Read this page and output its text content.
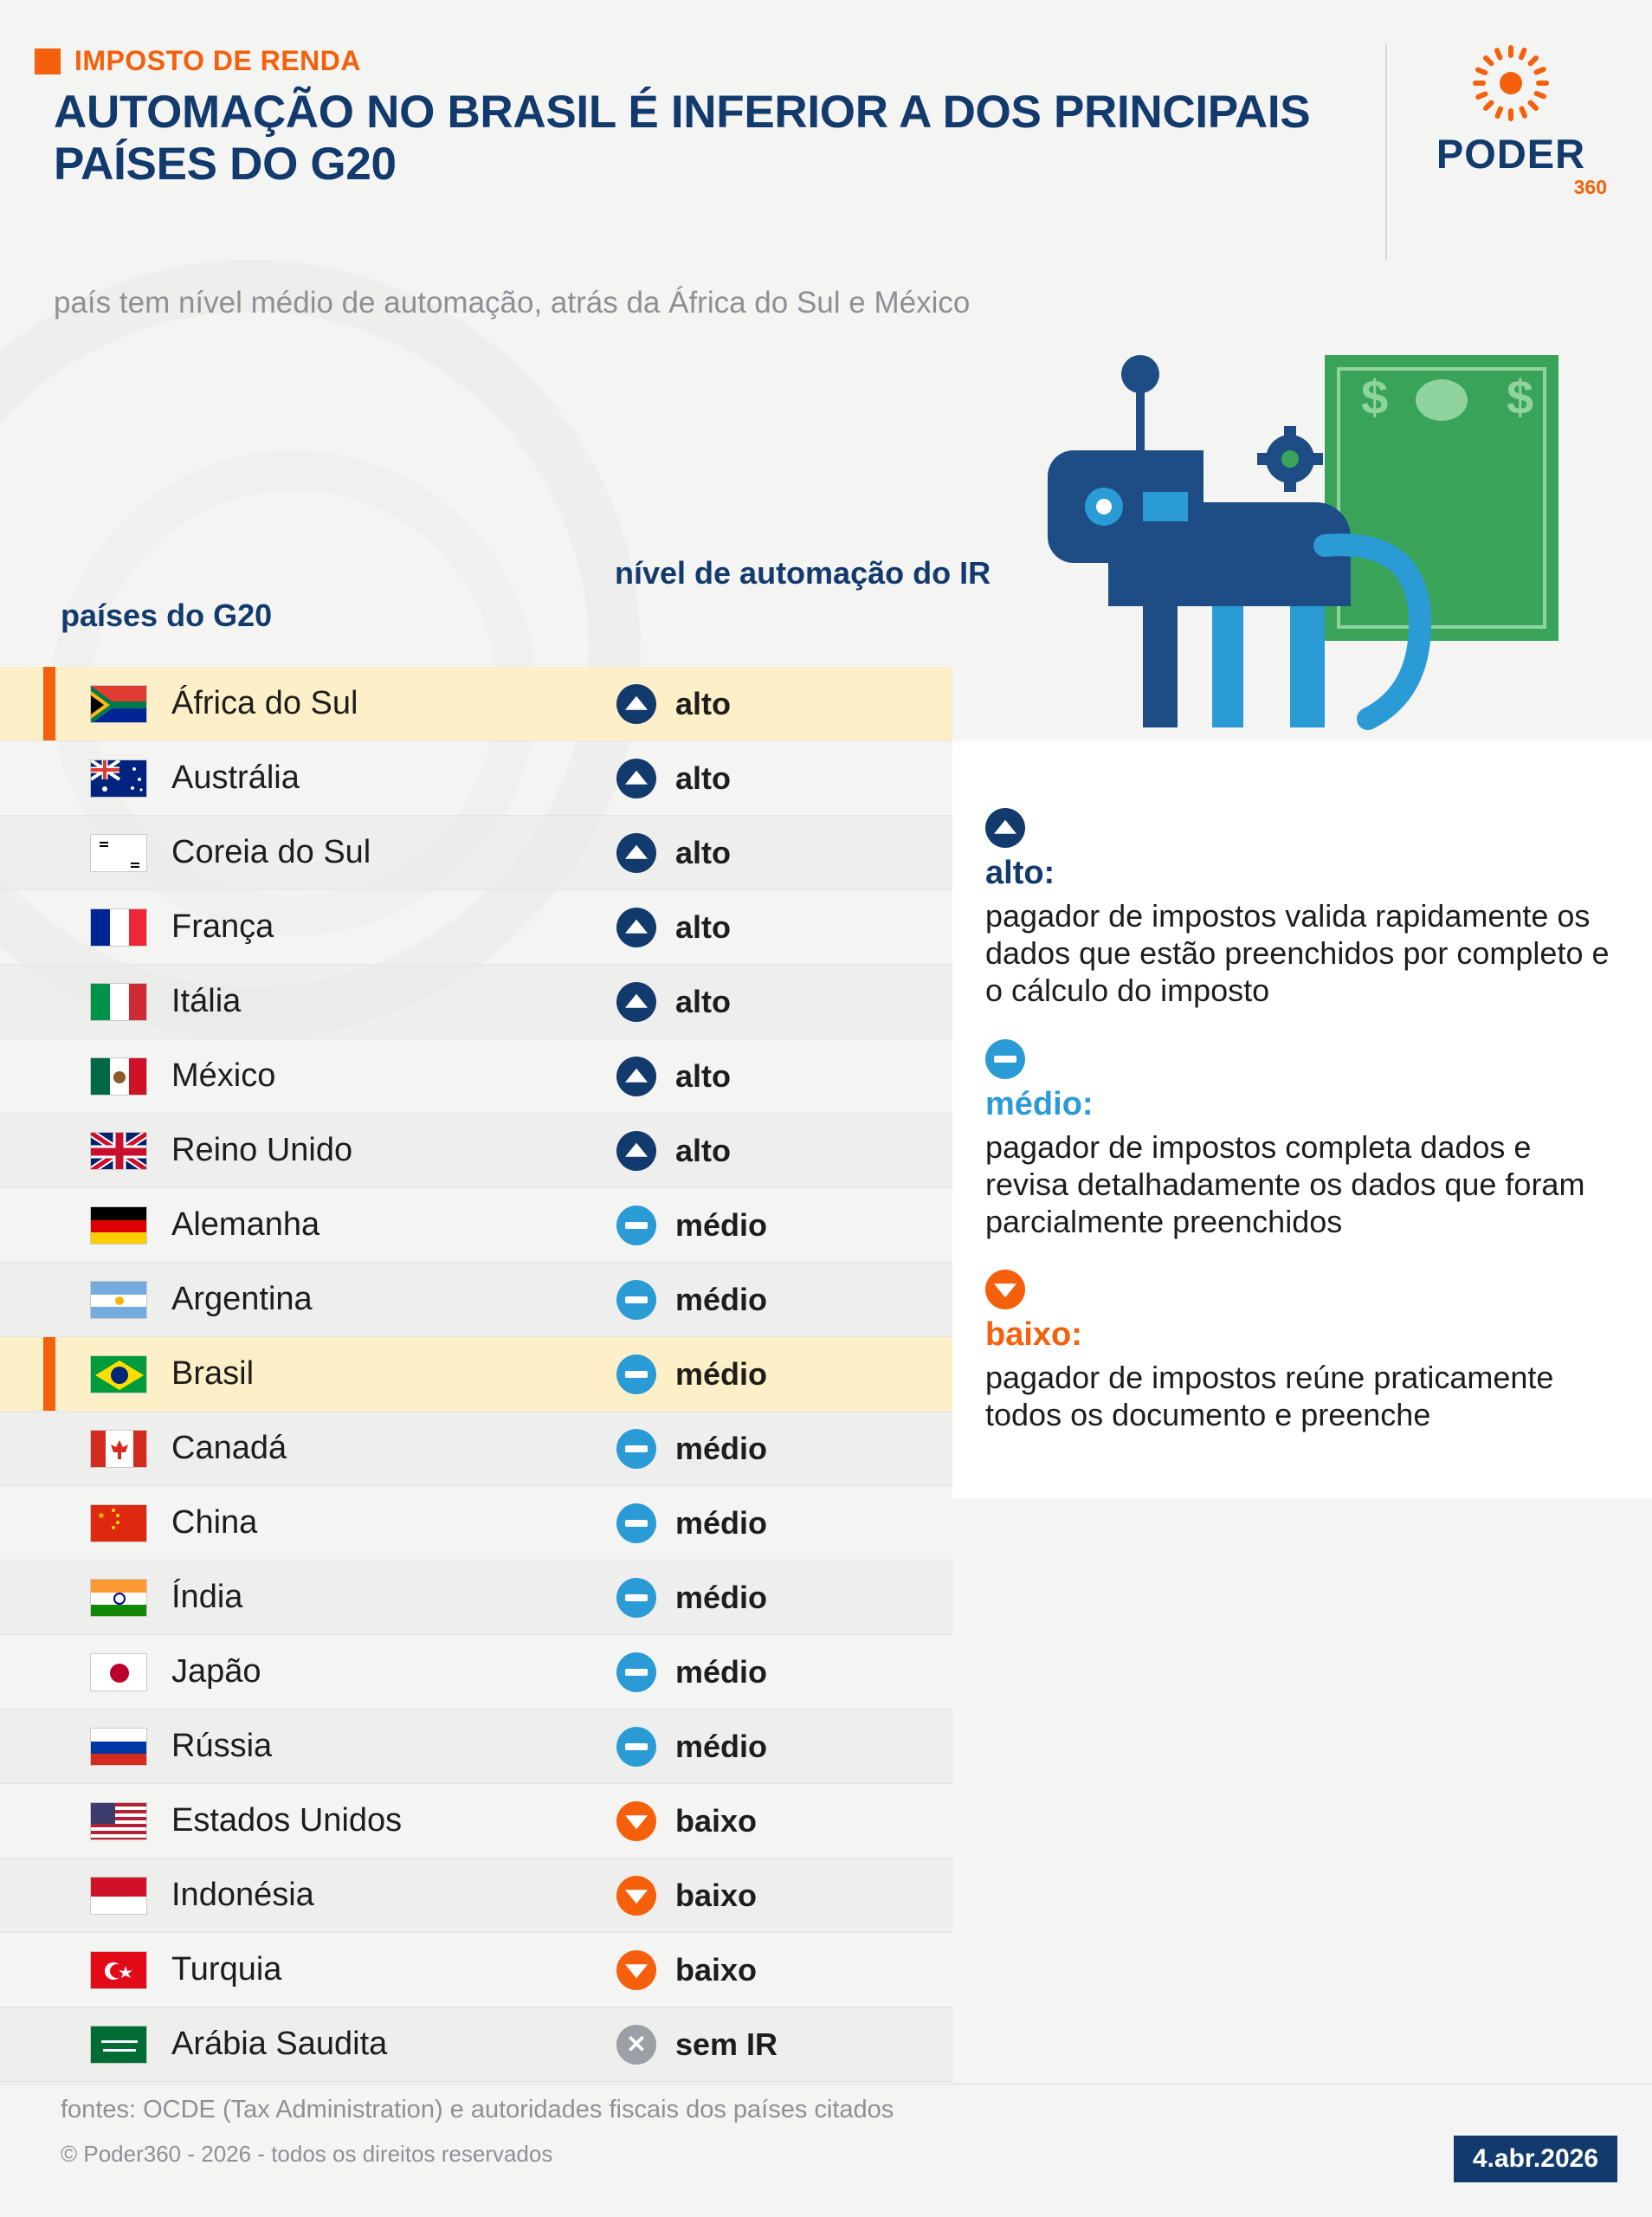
IMPOSTO DE RENDA
AUTOMAÇÃO NO BRASIL É INFERIOR A DOS PRINCIPAIS PAÍSES DO G20
país tem nível médio de automação, atrás da África do Sul e México
PODER
360
$ $
países do G20
nível de automação do IR
África do Sul	alto
Austrália	alto
Coreia do Sul	alto
França	alto
Itália	alto
México	alto
Reino Unido	alto
Alemanha	médio
Argentina	médio
Brasil	médio
Canadá	médio
China	médio
Índia	médio
Japão	médio
Rússia	médio
Estados Unidos	baixo
Indonésia	baixo
Turquia	baixo
Arábia Saudita	✕ sem IR
alto:
pagador de impostos valida rapidamente os dados que estão preenchidos por completo e o cálculo do imposto
médio:
pagador de impostos completa dados e revisa detalhadamente os dados que foram parcialmente preenchidos
baixo:
pagador de impostos reúne praticamente todos os documento e preenche
fontes: OCDE (Tax Administration) e autoridades fiscais dos países citados
© Poder360 - 2026 - todos os direitos reservados	4.abr.2026
